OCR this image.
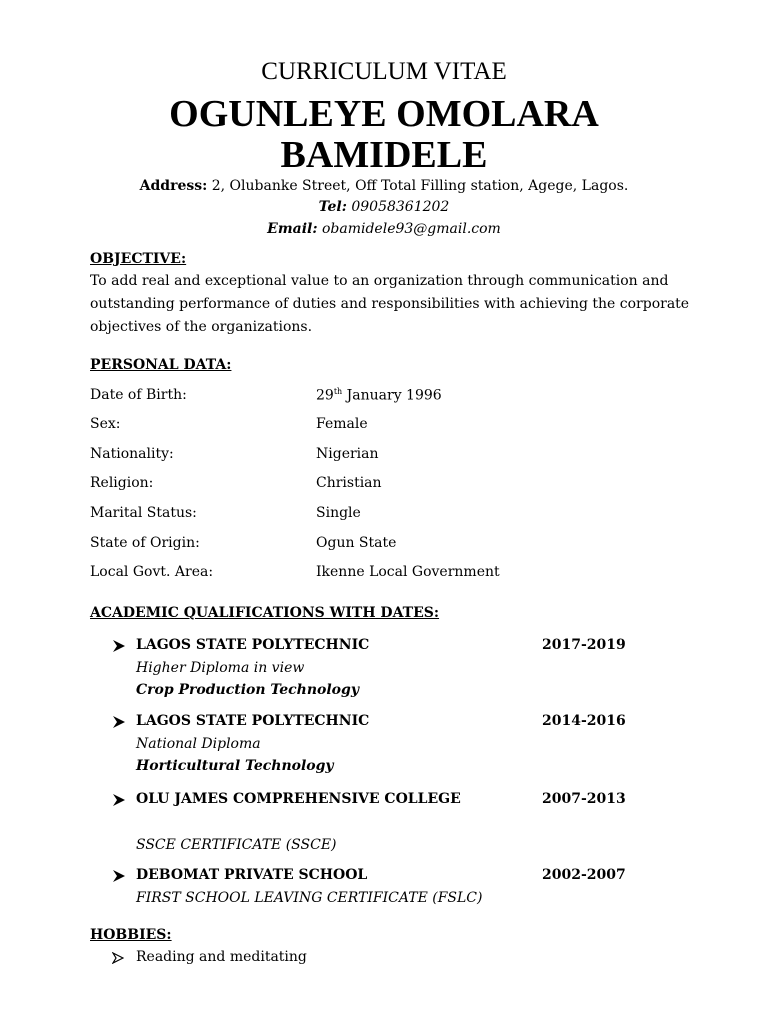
CURRICULUM VITAE
OGUNLEYE OMOLARA
BAMIDELE
Address: 2, Olubanke Street, Off Total Filling station, Agege, Lagos.
Tel: 09058361202
Email: obamidele93@gmail.com
OBJECTIVE:
To add real and exceptional value to an organization through communication and
outstanding performance of duties and responsibilities with achieving the corporate
objectives of the organizations.
PERSONAL DATA:
Date of Birth:	29th January 1996
Sex:	Female
Nationality:	Nigerian
Religion:	Christian
Marital Status:	Single
State of Origin:	Ogun State
Local Govt. Area:	Ikenne Local Government
ACADEMIC QUALIFICATIONS WITH DATES:
LAGOS STATE POLYTECHNIC	2017-2019
Higher Diploma in view
Crop Production Technology
LAGOS STATE POLYTECHNIC	2014-2016
National Diploma
Horticultural Technology
OLU JAMES COMPREHENSIVE COLLEGE	2007-2013
SSCE CERTIFICATE (SSCE)
DEBOMAT PRIVATE SCHOOL	2002-2007
FIRST SCHOOL LEAVING CERTIFICATE (FSLC)
HOBBIES:
Reading and meditating
